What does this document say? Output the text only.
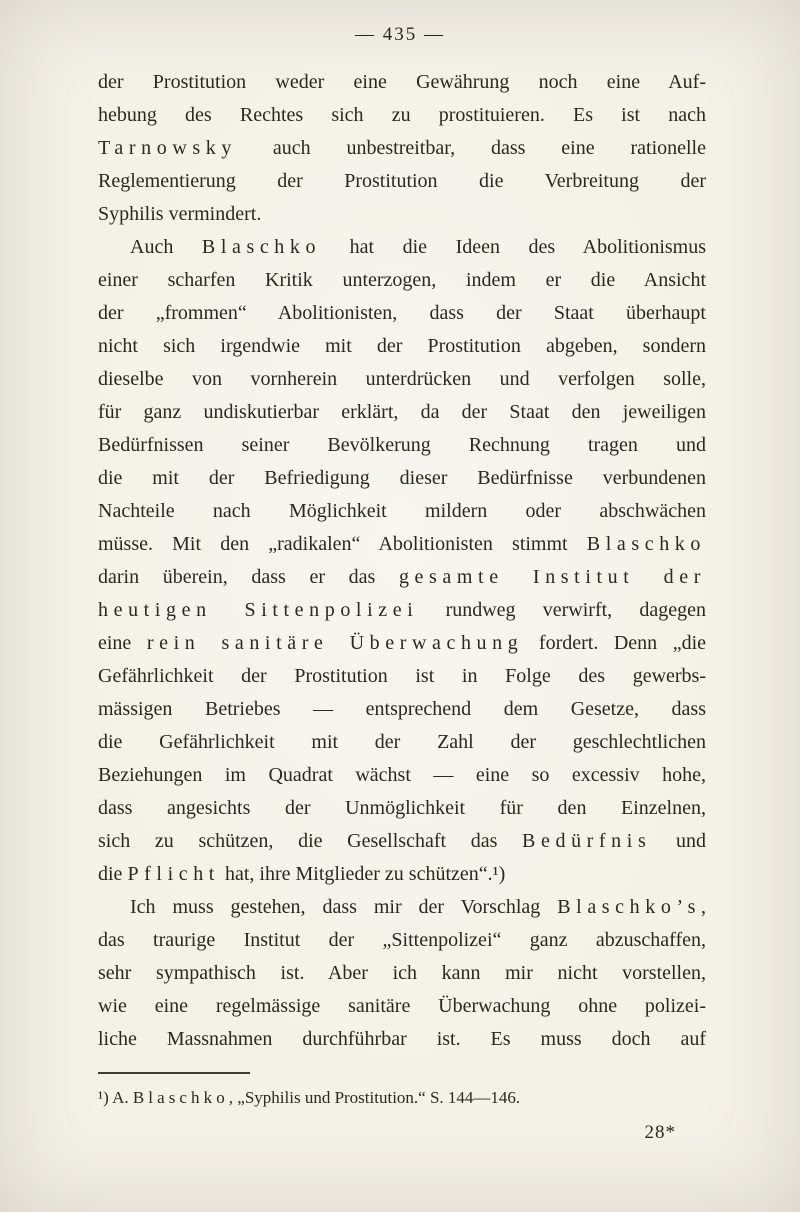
— 435 —
der Prostitution weder eine Gewährung noch eine Auf-
hebung des Rechtes sich zu prostituieren. Es ist nach
Tarnowsky auch unbestreitbar, dass eine rationelle
Reglementierung der Prostitution die Verbreitung der
Syphilis vermindert.
Auch Blaschko hat die Ideen des Abolitionismus
einer scharfen Kritik unterzogen, indem er die Ansicht
der „frommen“ Abolitionisten, dass der Staat überhaupt
nicht sich irgendwie mit der Prostitution abgeben, sondern
dieselbe von vornherein unterdrücken und verfolgen solle,
für ganz undiskutierbar erklärt, da der Staat den jeweiligen
Bedürfnissen seiner Bevölkerung Rechnung tragen und
die mit der Befriedigung dieser Bedürfnisse verbundenen
Nachteile nach Möglichkeit mildern oder abschwächen
müsse. Mit den „radikalen“ Abolitionisten stimmt Blaschko
darin überein, dass er das gesamte Institut der
heutigen Sittenpolizei rundweg verwirft, dagegen
eine rein sanitäre Überwachung fordert. Denn „die
Gefährlichkeit der Prostitution ist in Folge des gewerbs-
mässigen Betriebes — entsprechend dem Gesetze, dass
die Gefährlichkeit mit der Zahl der geschlechtlichen
Beziehungen im Quadrat wächst — eine so excessiv hohe,
dass angesichts der Unmöglichkeit für den Einzelnen,
sich zu schützen, die Gesellschaft das Bedürfnis und
die Pflicht hat, ihre Mitglieder zu schützen“.¹)
Ich muss gestehen, dass mir der Vorschlag Blaschko’s,
das traurige Institut der „Sittenpolizei“ ganz abzuschaffen,
sehr sympathisch ist. Aber ich kann mir nicht vorstellen,
wie eine regelmässige sanitäre Überwachung ohne polizei-
liche Massnahmen durchführbar ist. Es muss doch auf
¹) A. Blaschko, „Syphilis und Prostitution.“ S. 144—146.
28*
